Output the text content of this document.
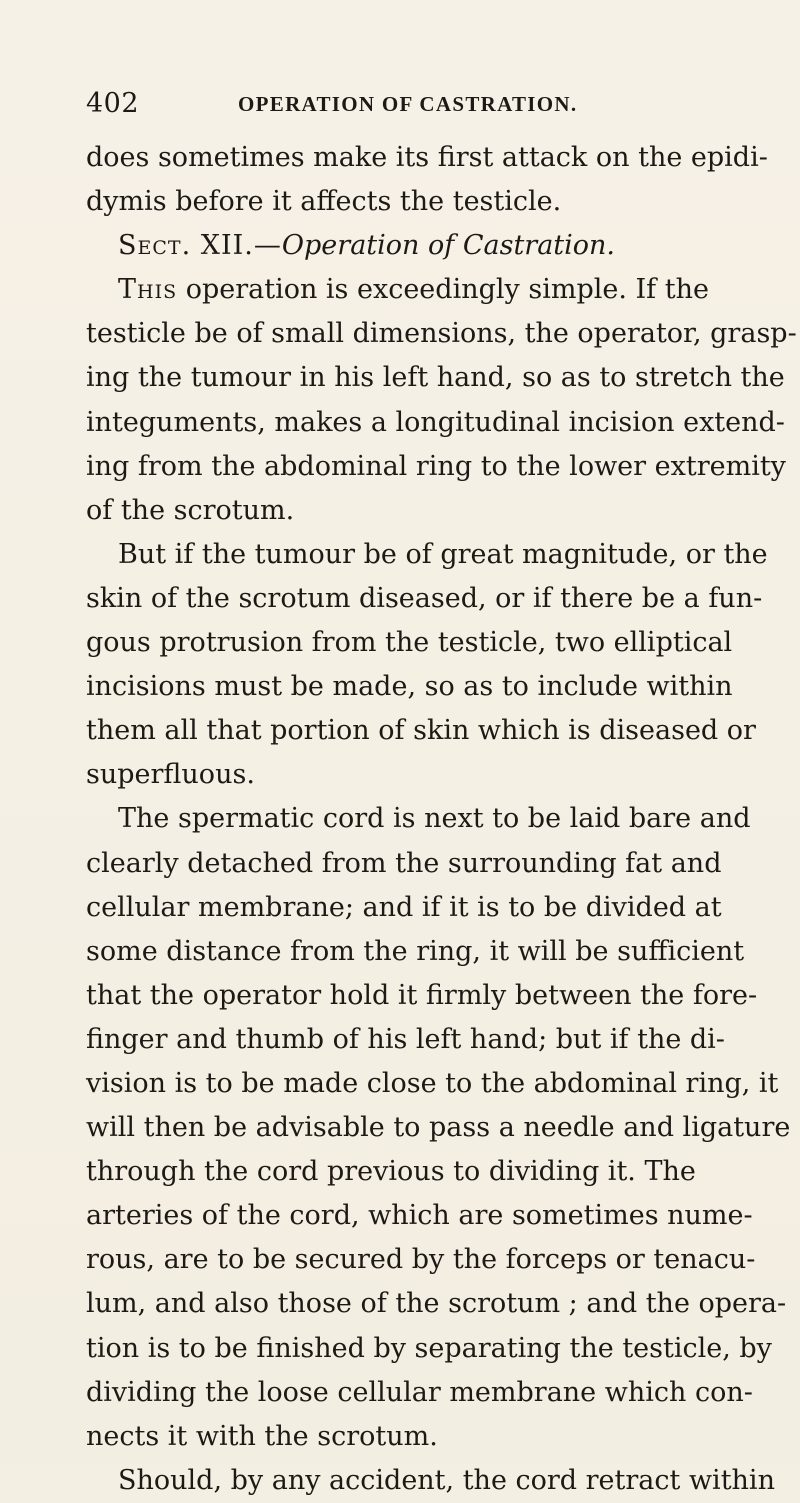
402	OPERATION OF CASTRATION.
does sometimes make its first attack on the epidi-
dymis before it affects the testicle.
Sect. XII.—Operation of Castration.
This operation is exceedingly simple. If the
testicle be of small dimensions, the operator, grasp-
ing the tumour in his left hand, so as to stretch the
integuments, makes a longitudinal incision extend-
ing from the abdominal ring to the lower extremity
of the scrotum.
But if the tumour be of great magnitude, or the
skin of the scrotum diseased, or if there be a fun-
gous protrusion from the testicle, two elliptical
incisions must be made, so as to include within
them all that portion of skin which is diseased or
superfluous.
The spermatic cord is next to be laid bare and
clearly detached from the surrounding fat and
cellular membrane; and if it is to be divided at
some distance from the ring, it will be sufficient
that the operator hold it firmly between the fore-
finger and thumb of his left hand; but if the di-
vision is to be made close to the abdominal ring, it
will then be advisable to pass a needle and ligature
through the cord previous to dividing it. The
arteries of the cord, which are sometimes nume-
rous, are to be secured by the forceps or tenacu-
lum, and also those of the scrotum ; and the opera-
tion is to be finished by separating the testicle, by
dividing the loose cellular membrane which con-
nects it with the scrotum.
Should, by any accident, the cord retract within
